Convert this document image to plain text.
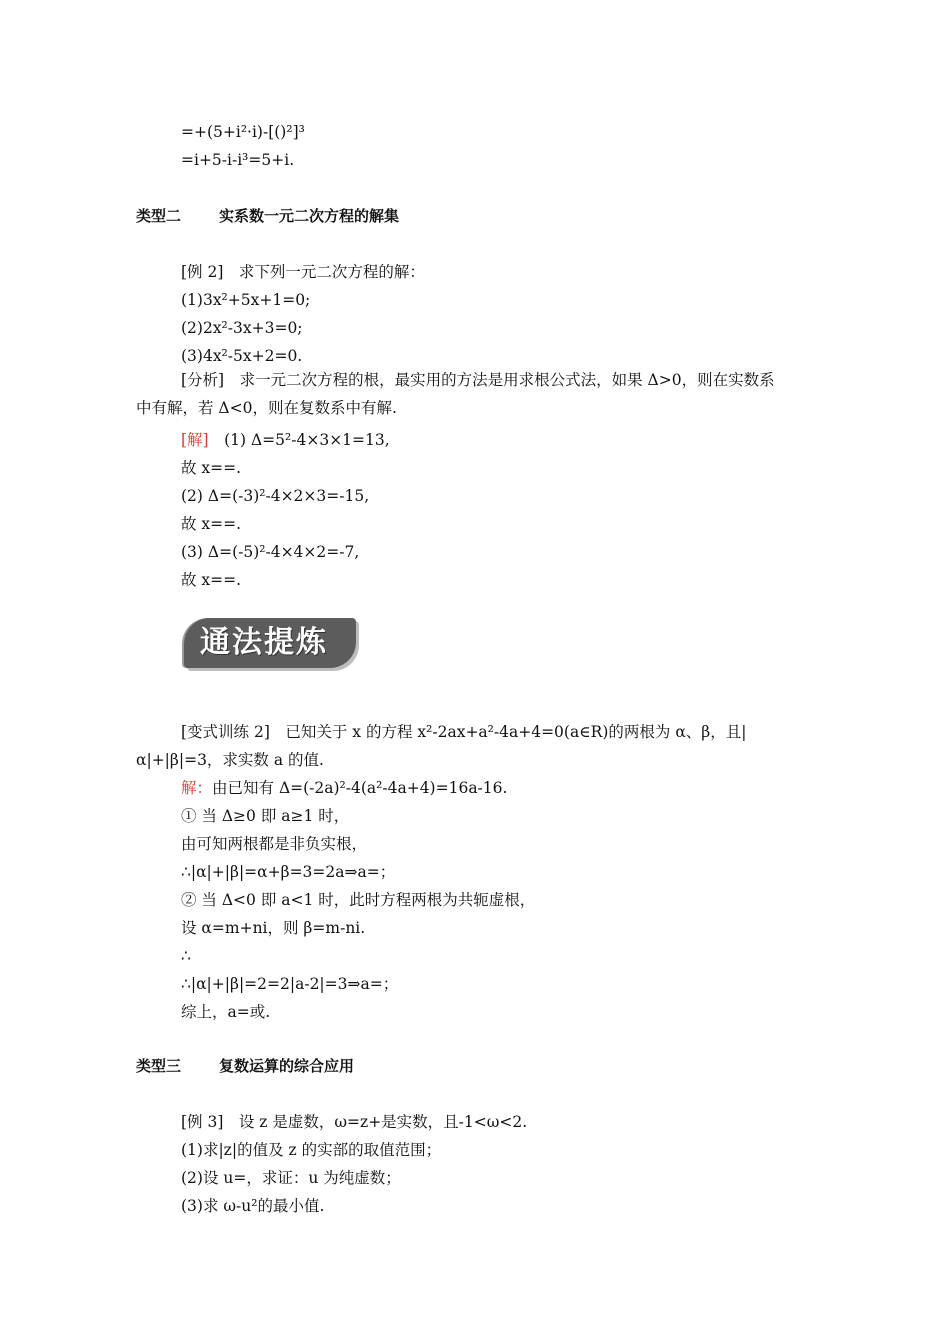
=+(5+i²·i)-[()²]³
=i+5-i-i³=5+i.
类型二	实系数一元二次方程的解集
[例 2]　求下列一元二次方程的解：
(1)3x²+5x+1=0;
(2)2x²-3x+3=0;
(3)4x²-5x+2=0.
[分析]　求一元二次方程的根，最实用的方法是用求根公式法，如果 Δ>0，则在实数系中有解，若 Δ<0，则在复数系中有解.
[解]　(1) Δ=5²-4×3×1=13,
故 x==.
(2) Δ=(-3)²-4×2×3=-15,
故 x==.
(3) Δ=(-5)²-4×4×2=-7,
故 x==.
通法提炼
[变式训练 2]　已知关于 x 的方程 x²-2ax+a²-4a+4=0(a∈R)的两根为 α、β，且|α|+|β|=3，求实数 a 的值.
解：由已知有 Δ=(-2a)²-4(a²-4a+4)=16a-16.
① 当 Δ≥0 即 a≥1 时，
由可知两根都是非负实根，
∴|α|+|β|=α+β=3=2a⇒a=；
② 当 Δ<0 即 a<1 时，此时方程两根为共轭虚根，
设 α=m+ni，则 β=m-ni.
∴
∴|α|+|β|=2=2|a-2|=3⇒a=；
综上，a=或.
类型三	复数运算的综合应用
[例 3]　设 z 是虚数，ω=z+是实数，且-1<ω<2.
(1)求|z|的值及 z 的实部的取值范围；
(2)设 u=，求证：u 为纯虚数；
(3)求 ω-u²的最小值.
